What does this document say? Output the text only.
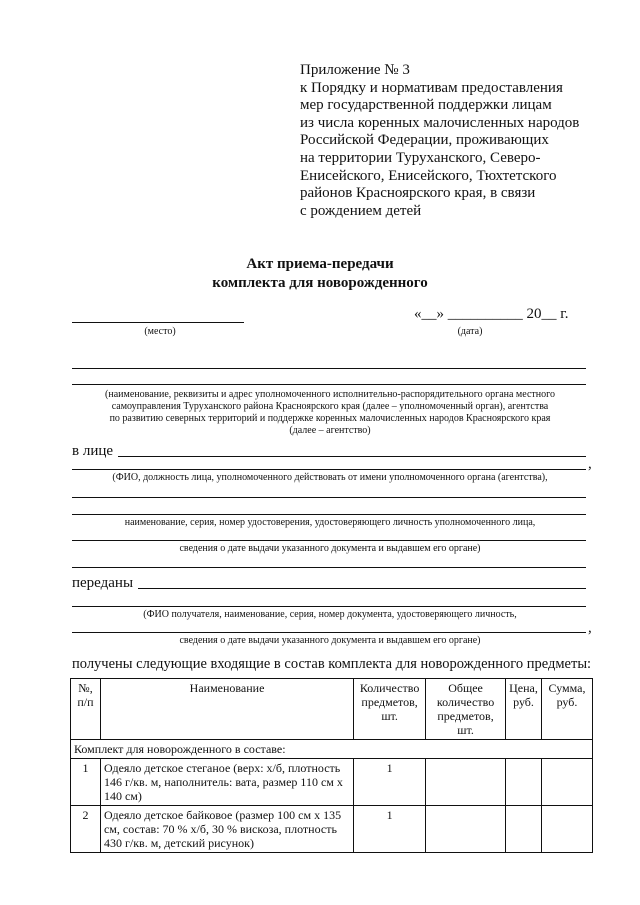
Приложение № 3
к Порядку и нормативам предоставления
мер государственной поддержки лицам
из числа коренных малочисленных народов
Российской Федерации, проживающих
на территории Туруханского, Северо-
Енисейского, Енисейского, Тюхтетского
районов Красноярского края, в связи
с рождением детей
Акт приема-передачи
комплекта для новорожденного
(место)
«__» __________ 20__ г.
(дата)
(наименование, реквизиты и адрес уполномоченного исполнительно-распорядительного органа местного
самоуправления Туруханского района Красноярского края (далее – уполномоченный орган), агентства
по развитию северных территорий и поддержке коренных малочисленных народов Красноярского края
(далее – агентство)
в лице
,
(ФИО, должность лица, уполномоченного действовать от имени уполномоченного органа (агентства),
наименование, серия, номер удостоверения, удостоверяющего личность уполномоченного лица,
сведения о дате выдачи указанного документа и выдавшем его органе)
переданы
(ФИО получателя, наименование, серия, номер документа, удостоверяющего личность,
,
сведения о дате выдачи указанного документа и выдавшем его органе)
получены следующие входящие в состав комплекта для новорожденного предметы:
№, п/п	Наименование	Количество предметов, шт.	Общее количество предметов, шт.	Цена, руб.	Сумма, руб.
Комплект для новорожденного в составе:					
1	Одеяло детское стеганое (верх: х/б, плотность 146 г/кв. м, наполнитель: вата, размер 110 см х 140 см)	1			
2	Одеяло детское байковое (размер 100 см х 135 см, состав: 70 % х/б, 30 % вискоза, плотность 430 г/кв. м, детский рисунок)	1			
